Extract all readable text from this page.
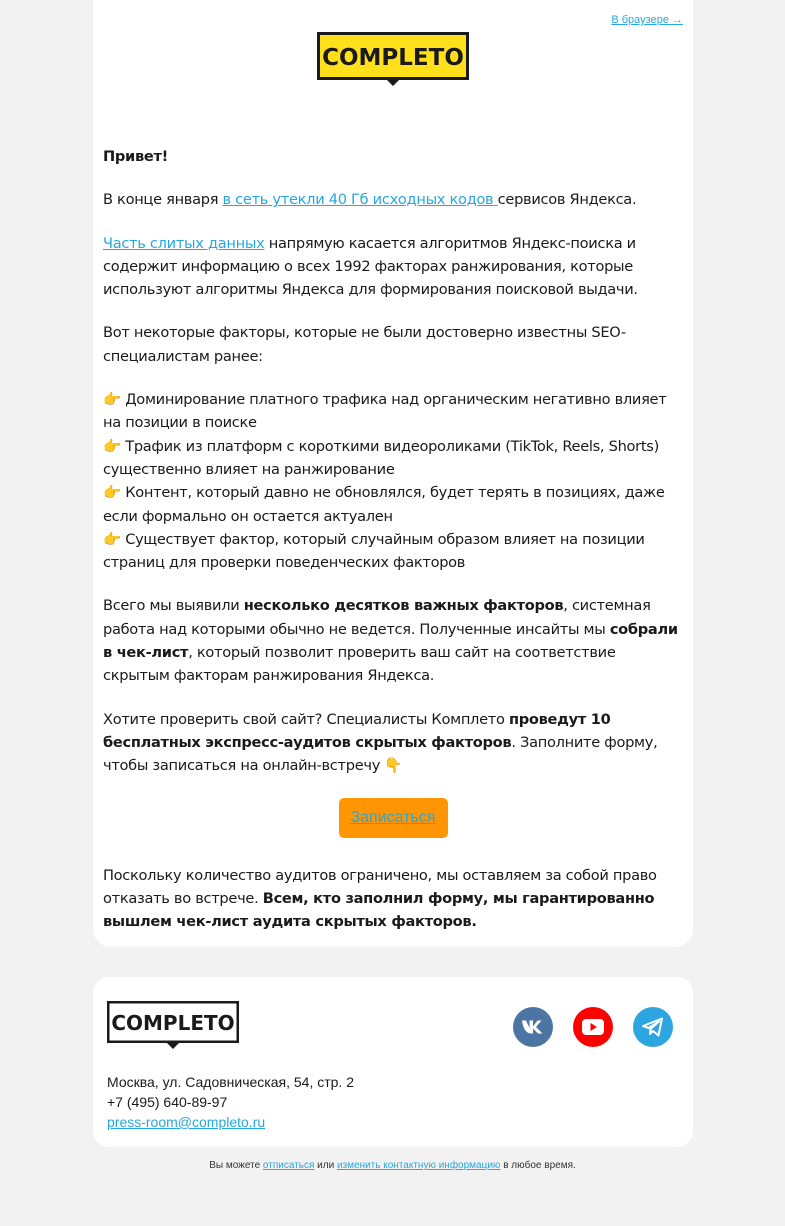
В браузере →
COMPLETO

Привет!

В конце января в сеть утекли 40 Гб исходных кодов сервисов Яндекса.

Часть слитых данных напрямую касается алгоритмов Яндекс-поиска и содержит информацию о всех 1992 факторах ранжирования, которые используют алгоритмы Яндекса для формирования поисковой выдачи.

Вот некоторые факторы, которые не были достоверно известны SEO-специалистам ранее:

👉 Доминирование платного трафика над органическим негативно влияет на позиции в поиске
👉 Трафик из платформ с короткими видеороликами (TikTok, Reels, Shorts) существенно влияет на ранжирование
👉 Контент, который давно не обновлялся, будет терять в позициях, даже если формально он остается актуален
👉 Существует фактор, который случайным образом влияет на позиции страниц для проверки поведенческих факторов

Всего мы выявили несколько десятков важных факторов, системная работа над которыми обычно не ведется. Полученные инсайты мы собрали в чек-лист, который позволит проверить ваш сайт на соответствие скрытым факторам ранжирования Яндекса.

Хотите проверить свой сайт? Специалисты Комплето проведут 10 бесплатных экспресс-аудитов скрытых факторов. Заполните форму, чтобы записаться на онлайн-встречу 👇

Записаться

Поскольку количество аудитов ограничено, мы оставляем за собой право отказать во встрече. Всем, кто заполнил форму, мы гарантированно вышлем чек-лист аудита скрытых факторов.

COMPLETO
Москва, ул. Садовническая, 54, стр. 2
+7 (495) 640-89-97
press-room@completo.ru
Вы можете отписаться или изменить контактную информацию в любое время.
